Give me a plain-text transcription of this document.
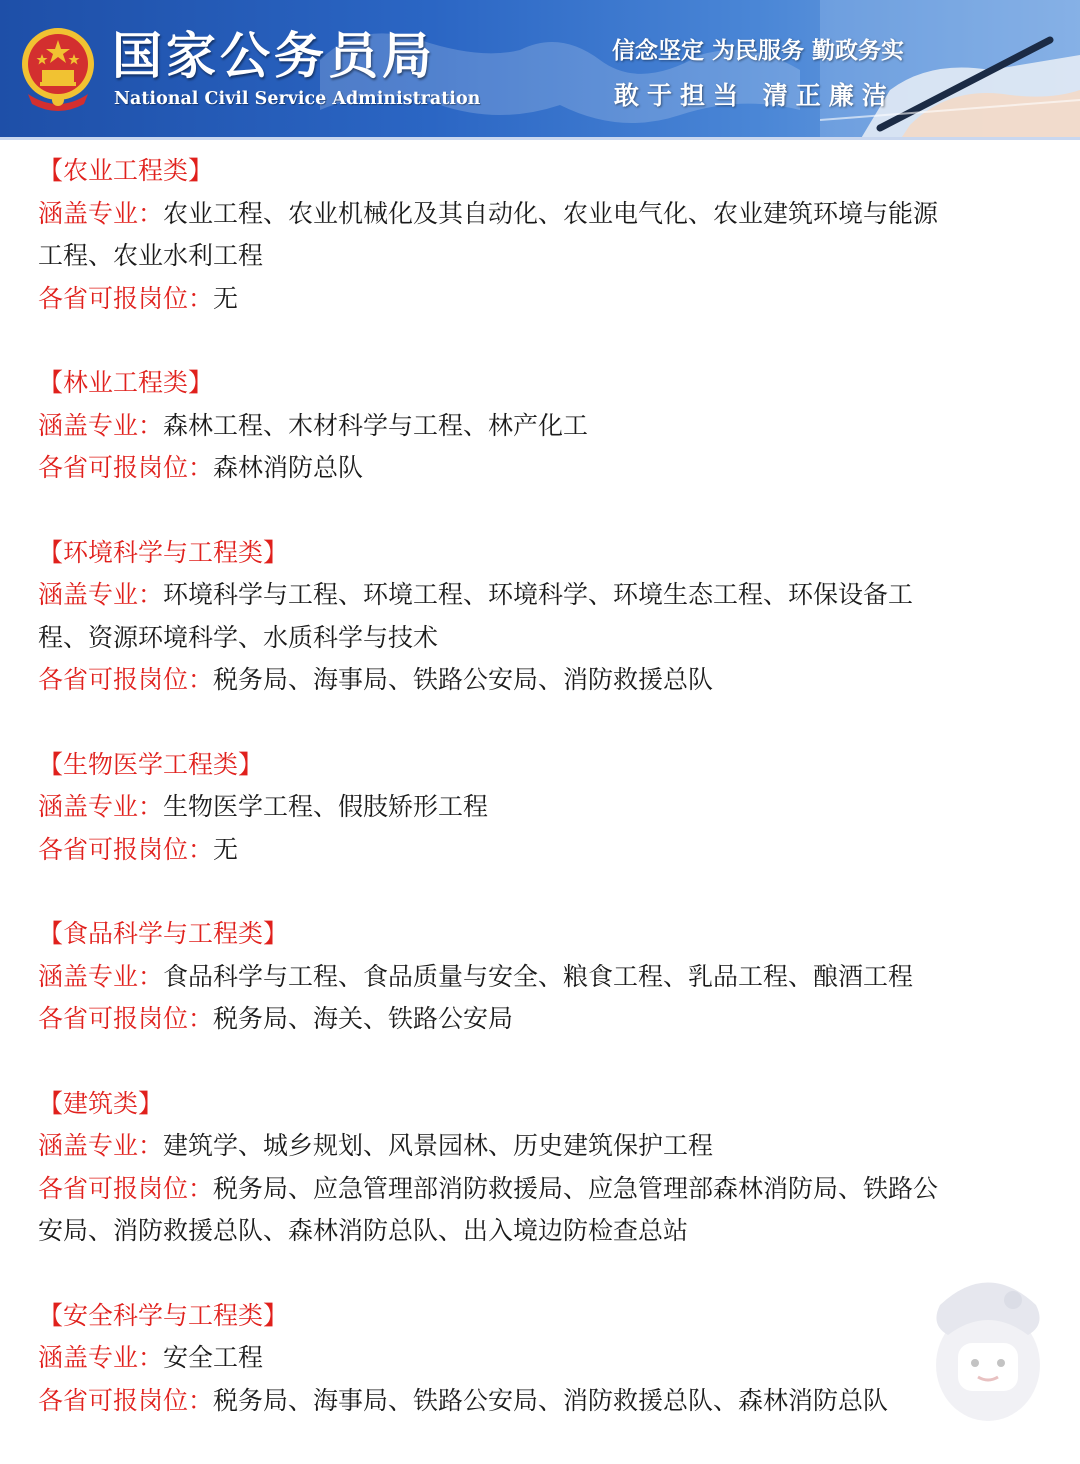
国家公务员局

National Civil Service Administration

信念坚定 为民服务 勤政务实

敢于担当 清正廉洁

【农业工程类】

涵盖专业：农业工程、农业机械化及其自动化、农业电气化、农业建筑环境与能源

工程、农业水利工程

各省可报岗位：无

【林业工程类】

涵盖专业：森林工程、木材科学与工程、林产化工

各省可报岗位：森林消防总队

【环境科学与工程类】

涵盖专业：环境科学与工程、环境工程、环境科学、环境生态工程、环保设备工

程、资源环境科学、水质科学与技术

各省可报岗位：税务局、海事局、铁路公安局、消防救援总队

【生物医学工程类】

涵盖专业：生物医学工程、假肢矫形工程

各省可报岗位：无

【食品科学与工程类】

涵盖专业：食品科学与工程、食品质量与安全、粮食工程、乳品工程、酿酒工程

各省可报岗位：税务局、海关、铁路公安局

【建筑类】

涵盖专业：建筑学、城乡规划、风景园林、历史建筑保护工程

各省可报岗位：税务局、应急管理部消防救援局、应急管理部森林消防局、铁路公

安局、消防救援总队、森林消防总队、出入境边防检查总站

【安全科学与工程类】

涵盖专业：安全工程

各省可报岗位：税务局、海事局、铁路公安局、消防救援总队、森林消防总队
